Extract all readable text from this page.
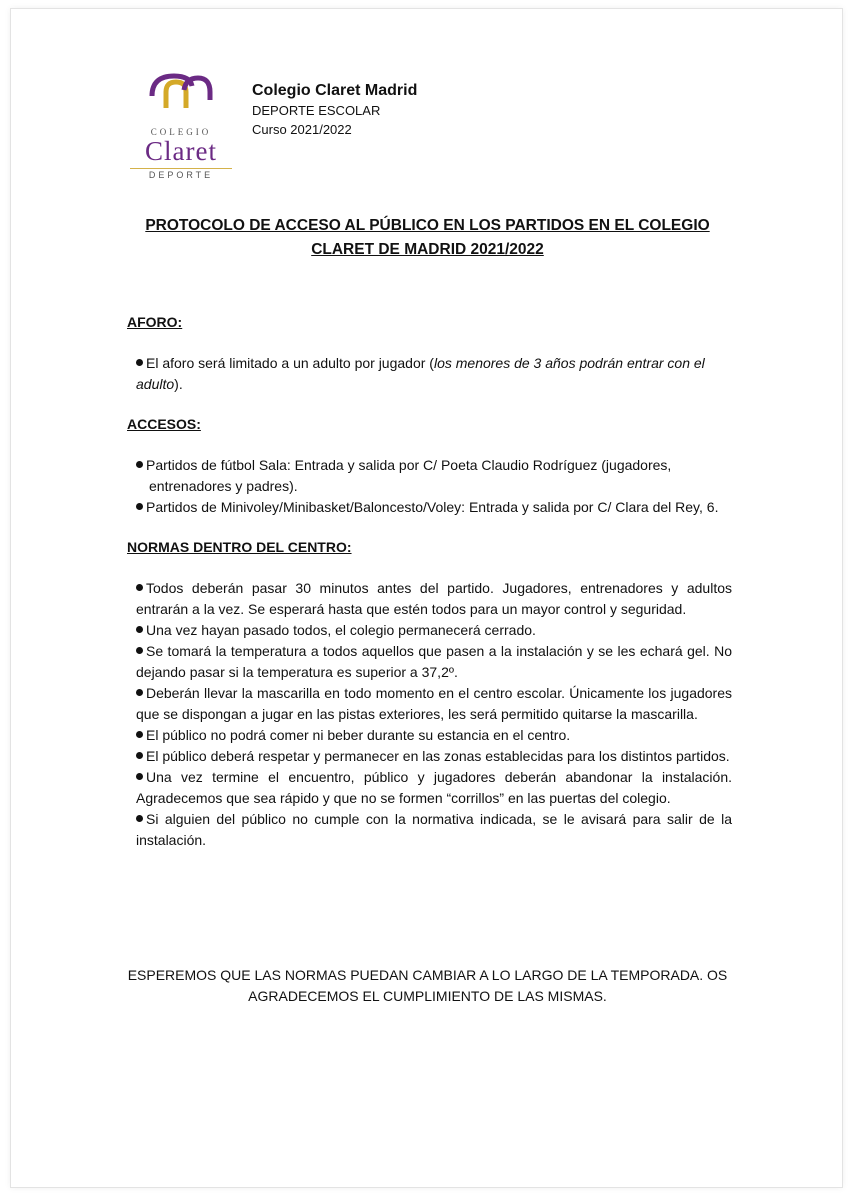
COLEGIO
Claret
DEPORTE
Colegio Claret Madrid
DEPORTE ESCOLAR
Curso 2021/2022
PROTOCOLO DE ACCESO AL PÚBLICO EN LOS PARTIDOS EN EL COLEGIO
CLARET DE MADRID 2021/2022

AFORO:

El aforo será limitado a un adulto por jugador (los menores de 3 años podrán entrar con el adulto).

ACCESOS:

Partidos de fútbol Sala: Entrada y salida por C/ Poeta Claudio Rodríguez (jugadores, entrenadores y padres).
Partidos de Minivoley/Minibasket/Baloncesto/Voley: Entrada y salida por C/ Clara del Rey, 6.

NORMAS DENTRO DEL CENTRO:

Todos deberán pasar 30 minutos antes del partido. Jugadores, entrenadores y adultos entrarán a la vez. Se esperará hasta que estén todos para un mayor control y seguridad.
Una vez hayan pasado todos, el colegio permanecerá cerrado.
Se tomará la temperatura a todos aquellos que pasen a la instalación y se les echará gel. No dejando pasar si la temperatura es superior a 37,2º.
Deberán llevar la mascarilla en todo momento en el centro escolar. Únicamente los jugadores que se dispongan a jugar en las pistas exteriores, les será permitido quitarse la mascarilla.
El público no podrá comer ni beber durante su estancia en el centro.
El público deberá respetar y permanecer en las zonas establecidas para los distintos partidos.
Una vez termine el encuentro, público y jugadores deberán abandonar la instalación. Agradecemos que sea rápido y que no se formen “corrillos” en las puertas del colegio.
Si alguien del público no cumple con la normativa indicada, se le avisará para salir de la instalación.
ESPEREMOS QUE LAS NORMAS PUEDAN CAMBIAR A LO LARGO DE LA TEMPORADA. OS
AGRADECEMOS EL CUMPLIMIENTO DE LAS MISMAS.
